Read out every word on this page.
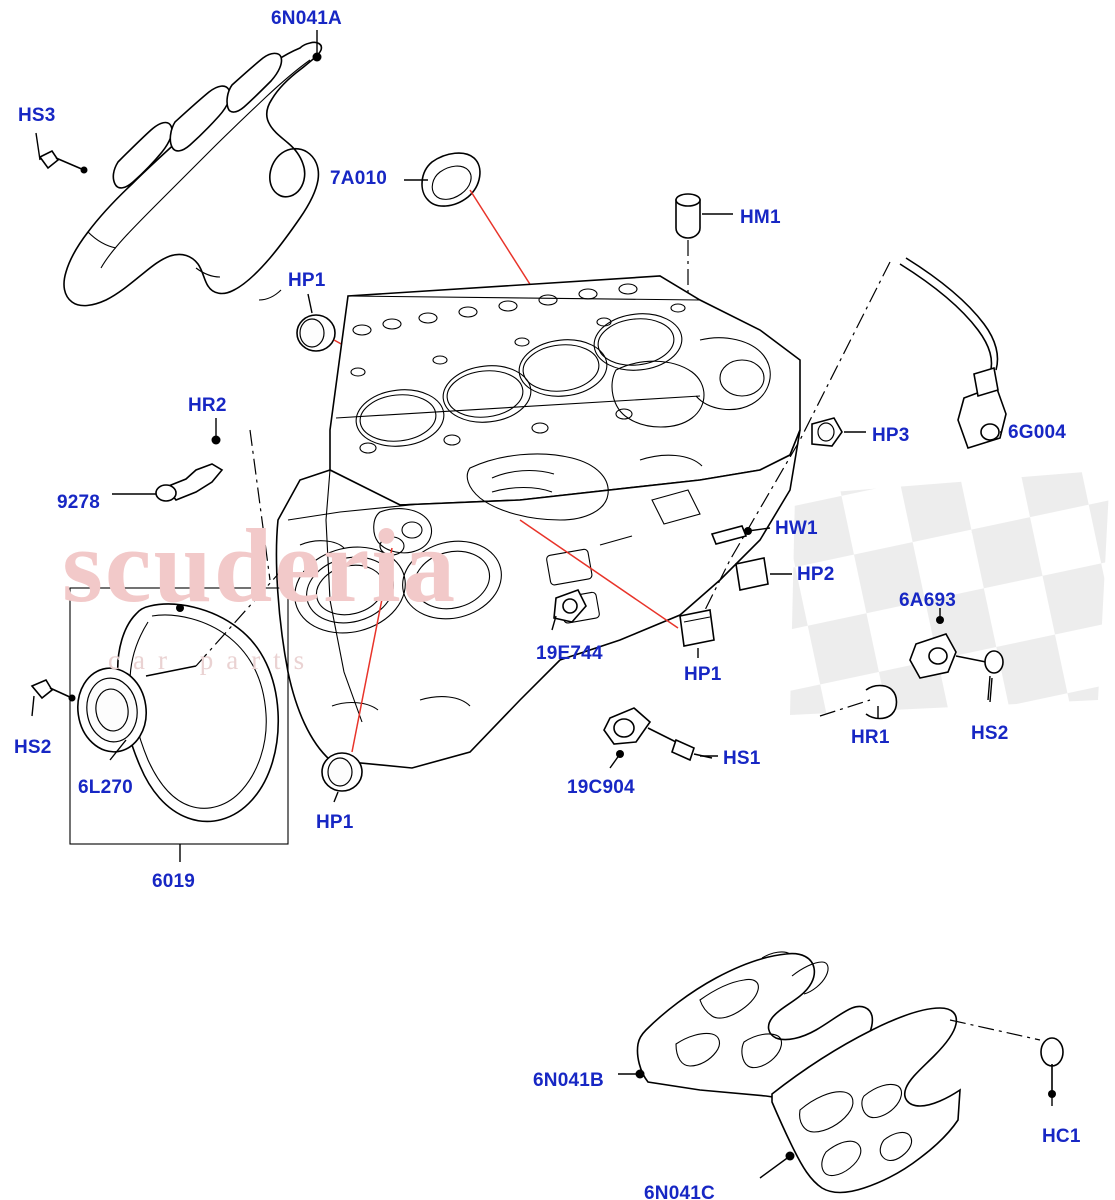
scuderia
car parts
6N041A
HS3
7A010
HM1
HP1
HR2
HP3	6G004
9278
HW1
HP2
6A693
19E744
HP1
HS2
HR1
HS2
HS1
6L270	19C904
HP1
6019
6N041B
HC1
6N041C
